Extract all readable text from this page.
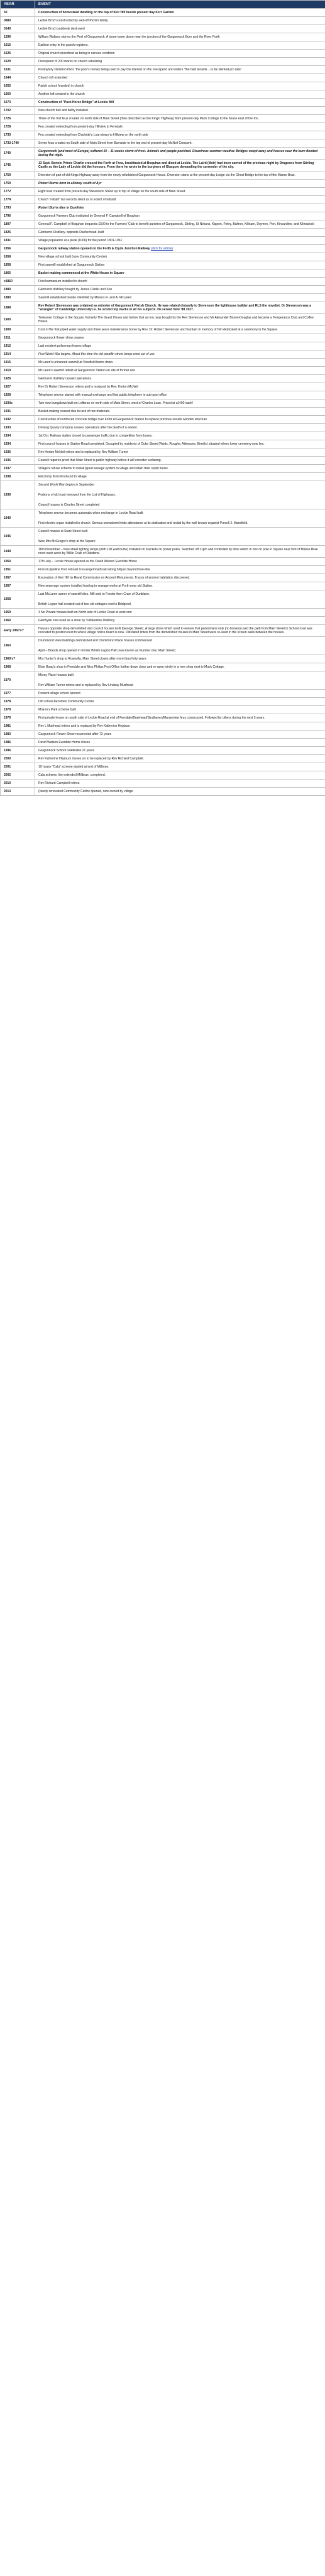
YEAR	EVENT
50	Construction of homestead dwelling on the top of Keir Hill beside present day Kerr Garden
0880	Leckie Broch constructed by well-off Pictish family
0140	Leckie Broch suddenly destroyed
1296	William Wallace storms the Peel of Gargunnock. A stone tower down near the junction of the Gargunnock Burn and the River Forth
1615	Earliest entry in the parish registers.
1626	Original church described as being in ruinous condition
1629	Overspend of 200 marks on church rebuilding
1631	Presbytery visitation finds "the poor's money being used to pay the interest on the overspend and orders "the haill tenants....to be stented pro rata"
1644	Church loft extended
1652	Parish school founded, in church
1660	Another loft created in the church
1673	Construction of "Pack Horse Bridge" at Leckie Mill
1702	New church bell and belfry installed.
1726	Three of the first feus created on north side of Main Street (then described as the Kings' Highway) from present-day Muck Cottage to the house east of the Inn.
1728	Feu created extending from present-day Hillview to Ferndale
1733	Feu created extending from Charlotte's Loan down to Hillview on the north side
1733-1740	Seven feus created on South side of Main Street from Burnside to the top end of present-day McNeil Crescent.
1740	Gargunnock (and most of Europe) suffered 10 – 11 weeks storm of frost. Animals and people perished. Disastrous summer weather. Bridges swept away and houses near the burn flooded during the night.
1745	13 Sept. Bonnie Prince Charlie crossed the Forth at Frew, breakfasted at Boquhan and dined at Leckie. The Laird (Moir) had been carried of the previous night by Dragoons from Stirling Castle so the Lady of Leckie did the honours. From there he wrote to the burghers of Glasgow demanding the surrender of the city.
1759	Diversion of part of old Kings Highway away from the newly refurbished Gargunnock House. Diversion starts at the present-day Lodge via the Ghost Bridge to the top of the Manse Brae.
1759	Robert Burns born in alloway south of Ayr
1772	Eight feus created from present-day Stevenson Street up to top of village on the south side of Main Street.
1774	Church "rebuilt" but records silent as to extent of rebuild
1793	Robert Burns dies in Dumfries
1796	Gargunnock Farmers Club instituted by General F. Campbell of Boquhan
1807	General F. Campbell of Boquhan bequests £500 to the Farmers' Club to benefit parishes of Gargunnock, Stirling, St Ninians, Kippen, Fintry, Balfron, Killearn, Drymen, Port, Kincardine, and Kilmadock
1826	Glenturret Distillery, opposite Dasherhead, built
1831	Village population at a peak (1006) for the period 1801-1961
1856	Gargunnock railway station opened on the Forth & Clyde Junction Railway (click for article)
1858	New village school built (now Community Centre)
1858	First sawmill established at Gargunnock Station
1865	Basket-making commenced at the White House in Square
c1860	First harmonium installed in church
1880	Glenturret distillery bought by James Calder and Son
1880	Sawmill established beside Viewfield by Messrs R. and A. McLaren
1888	Rev Robert Stevenson was ordained as minister of Gargunnock Parish Church. He was related distantly to Stevenson the lighthouse builder and RLS the novelist. Dr Stevenson was a "wrangler" of Cambridge University i.e. he scored top marks in all his subjects. He served here '88 1927.
1900	Treleaven Cottage in the Square, formerly The Guest House and before that an Inn, was bought by the Rev Stevenson and Mr Alexander Brown-Douglas and became a Temperance Club and Coffee House
1909	Cost of the first piped water supply and three years maintenance borne by Rev. Dr. Robert Stevenson and fountain in memory of him dedicated at a ceremony in the Square.
1911	Gargunnock flower show ceases
1912	Last resident policeman leaves village
1914	First World War begins. About this time the old paraffin street lamps went out of use
1915	McLaren's uninsured sawmill at Viewfield burns down.
1919	McLaren's sawmill rebuilt at Gargunnock Station on site of former one
1926	Glenturret distillery ceased operations.
1927	Rev Dr Robert Stevenson retires and is replaced by Rev. Horton McNeil
1928	Telephone service started with manual exchange and first public telephone in sub-post office
1930s	Two new bungalows built on Loftbrae on north side of Main Street, west of Charles Loan. Priced at c£400 each!
1931	Basket-making ceased due to lack of raw materials.
1932	Construction of reinforced concrete bridge over Forth at Gargunnock Station to replace previous unsafe wooden structure
1933	Dinning Quarry company ceases operations after the death of a worker.
1934	1st Oct. Railway station closed to passenger traffic due to competition from buses.
1934	First council houses in Station Road completed. Occupied by residents of Duke Street (Reids, Roughs, Atkinsons, Birrells) situated where lower cemetery now lies.
1935	Rev Horton McNeil retires and is replaced by Rev William Turner
1936	Council requires proof that Main Street is public highway before it will consider surfacing.
1937	Villagers refuse scheme to install piped sewage system in village and retain their septic tanks.
1938	Electricity first introduced to village.
1939	Second World War begins in September

Portions of old road removed from the List of Highways.

Council houses in Charles Street completed

1940	Telephone service becomes automatic when exchange in Leckie Road built

First electric organ installed in church. Serious snowstorm limits attendance at its dedication and recital by the well known organist Purcell J. Mansfield.

1946	Council houses at Stark Street built

Wee Mrs McGregor's shop at the Square

1949	16th November – New street lighting lamps (with 100 watt bulbs) installed on brackets on power poles. Switched off 11pm and controlled by time switch in box on pole in Square near foot of Manse Brae reset each week by Willie Craik of Oakdene.
1950	17th July – Leckie House opened as the David Watson Eventide Home
1951	First oil pipeline from Finnart to Grangemouth laid along hill just beyond tree-line
1957	Excavation of Keir Hill by Royal Commission on Ancient Monuments. Traces of ancient habitation discovered.
1957	New sewerage system installed leading to sewage works at Forth near old Station.
1958	Last McLaren owner of sawmill dies. Mill sold to Forster then Cram of Dunblane.

British Legion hall created out of two old cottages next to Bridgend.

1959	3 No Private houses built on North side of Leckie Road at west end
1960	Glenhyde now used as a store by Tullibardine Distillery
Early 1960's?	Houses opposite shop demolished and council houses built (George Street). A large stone which used to ensure that pedestrians only (no horses) used the path from Main Street to School road was relocated to position next to where village notice board is now. Old dated lintels from the demolished houses in Main Street were re-used in the screen walls between the houses.
1963	Drummond View buildings demolished and Drummond Place houses commenced

April – Brands shop opened in former British Legion Hall (now known as Number one, Main Street)

1960's?	Mrs Hunter's shop at Rosevilla, Main Street closes after more than forty years
1968	Elsie Boag's shop in Ferndale and Miss Philips Post Office further down close and re-open jointly in a new shop next to Muck Cottage.
1970	Moray Place houses built

Rev William Turner retires and is replaced by Rev Lindsay Muirhead

1977	Present village school opened
1978	Old school becomes Community Centre
1979	Moiren's Park scheme built
1979	First private house on south side of Leckie Road at end of Ferndale/Braehead/Strathaven/Manseview feus constructed. Followed by others during the next 5 years.
1981	Rev L Muirhead retires and is replaced by Rev Katherine Hepburn
1983	Gargunnock Flower Show resurrected after 72 years
1986	David Watson Eventide Home closes
1996	Gargunnock School celebrates 21 years
2000	Rev Katherine Hepburn moves on to be replaced by Rev Richard Campbell.
2001	19 house "Cala" scheme started at end of Millbrae.
2002	Cala scheme, the extended Millbrae, completed.
2010	Rev Richard Campbell retires.
2013	(Newly renovated Community Centre opened, now owned by village
